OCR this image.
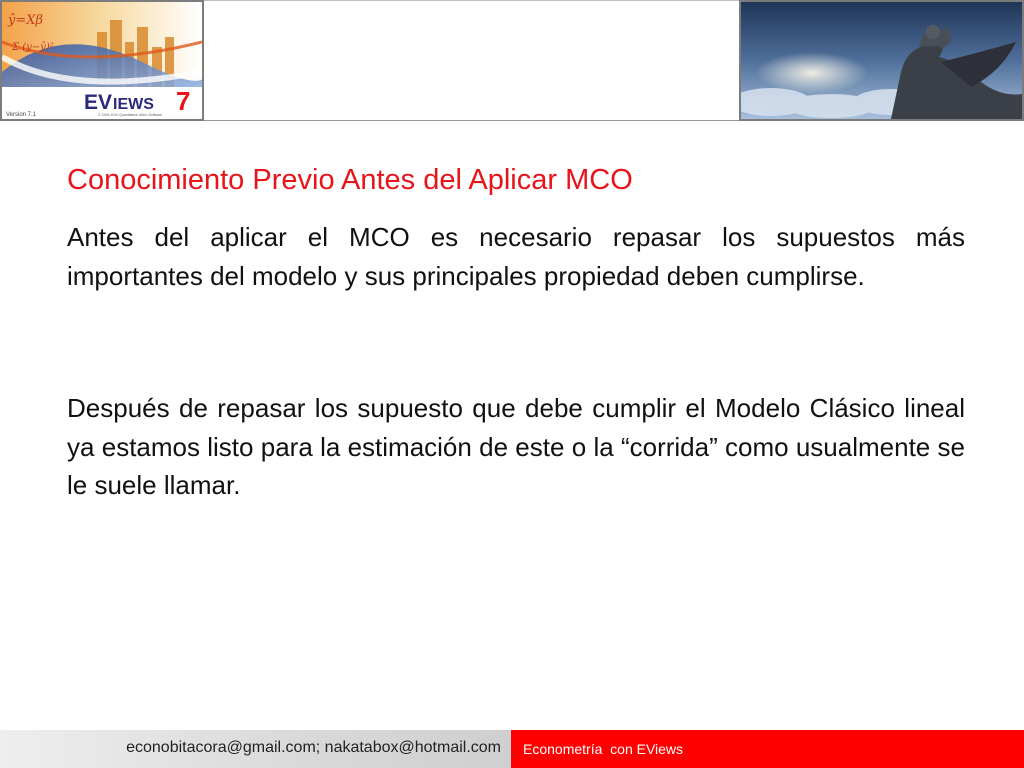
ŷ=Xβ
Σ (y−ŷ)²
EV IEWS 7
Version 7.1	© 1994-2010 Quantitative Micro Software
Conocimiento Previo Antes del Aplicar MCO

Antes del aplicar el MCO es necesario repasar los supuestos más importantes del modelo y sus principales propiedad deben cumplirse.

Después de repasar los supuesto que debe cumplir el Modelo Clásico lineal ya estamos listo para la estimación de este o la “corrida” como usualmente se le suele llamar.

econobitacora@gmail.com; nakatabox@hotmail.com Econometría  con EViews
